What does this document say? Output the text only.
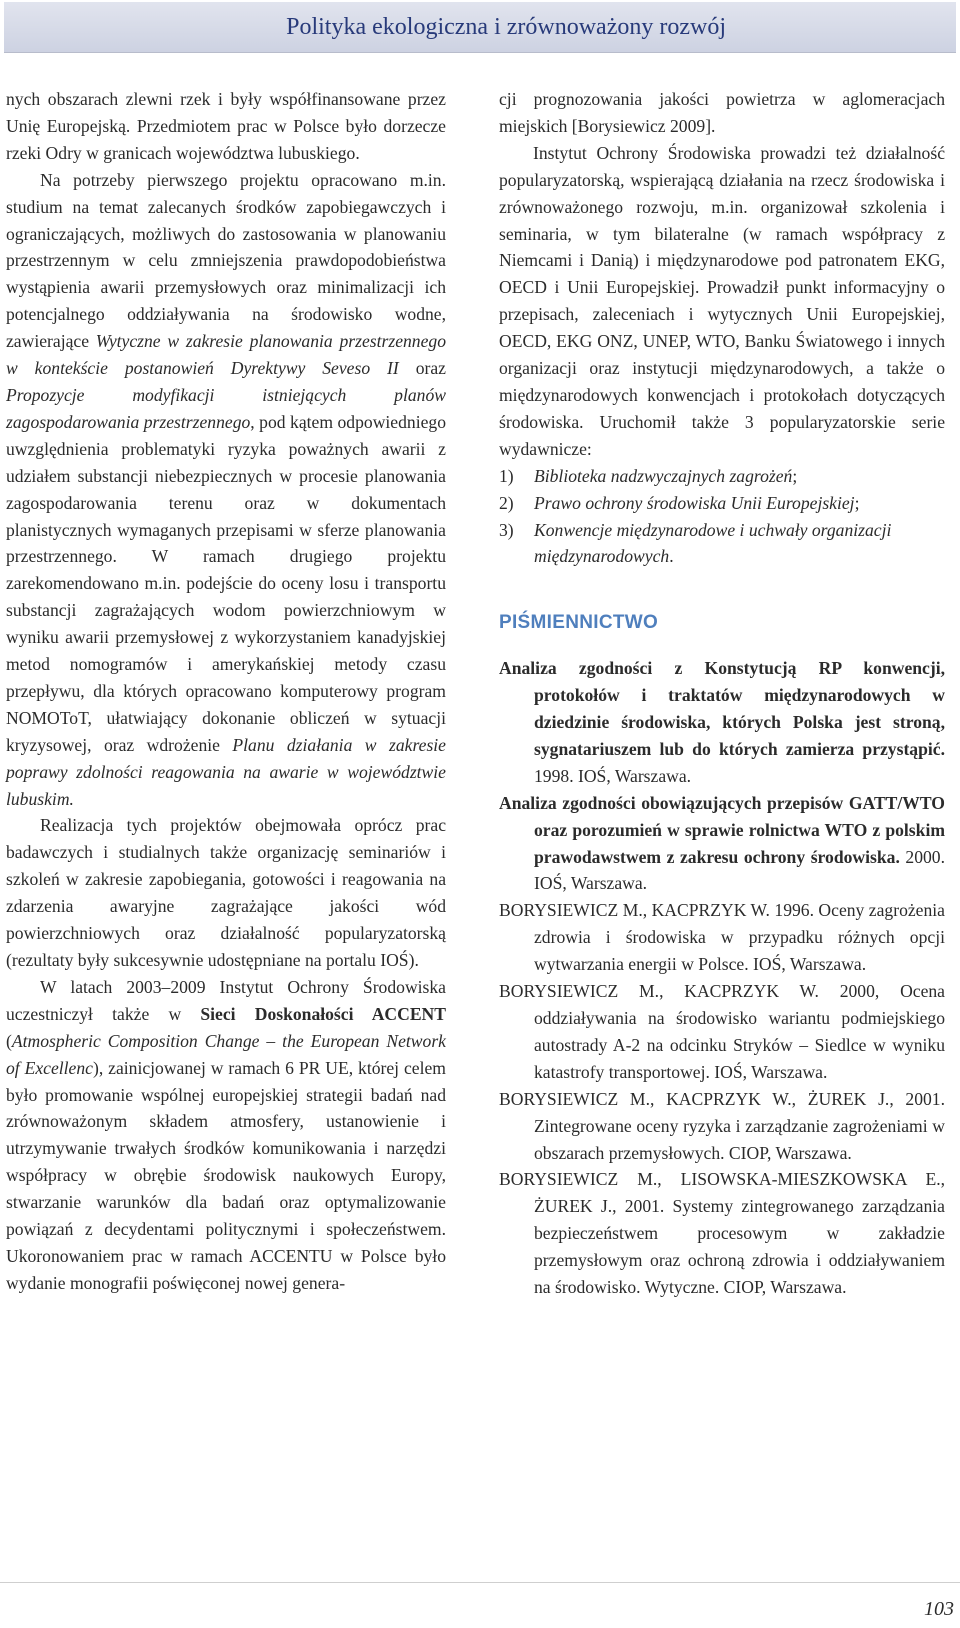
Polityka ekologiczna i zrównoważony rozwój

nych obszarach zlewni rzek i były współfinansowane przez Unię Europejską. Przedmiotem prac w Polsce było dorzecze rzeki Odry w granicach województwa lubuskiego.

Na potrzeby pierwszego projektu opracowano m.in. studium na temat zalecanych środków zapobiegawczych i ograniczających, możliwych do zastosowania w planowaniu przestrzennym w celu zmniejszenia prawdopodobieństwa wystąpienia awarii przemysłowych oraz minimalizacji ich potencjalnego oddziaływania na środowisko wodne, zawierające Wytyczne w zakresie planowania przestrzennego w kontekście postanowień Dyrektywy Seveso II oraz Propozycje modyfikacji istniejących planów zagospodarowania przestrzennego, pod kątem odpowiedniego uwzględnienia problematyki ryzyka poważnych awarii z udziałem substancji niebezpiecznych w procesie planowania zagospodarowania terenu oraz w dokumentach planistycznych wymaganych przepisami w sferze planowania przestrzennego. W ramach drugiego projektu zarekomendowano m.in. podejście do oceny losu i transportu substancji zagrażających wodom powierzchniowym w wyniku awarii przemysłowej z wykorzystaniem kanadyjskiej metod nomogramów i amerykańskiej metody czasu przepływu, dla których opracowano komputerowy program NOMOToT, ułatwiający dokonanie obliczeń w sytuacji kryzysowej, oraz wdrożenie Planu działania w zakresie poprawy zdolności reagowania na awarie w województwie lubuskim.

Realizacja tych projektów obejmowała oprócz prac badawczych i studialnych także organizację seminariów i szkoleń w zakresie zapobiegania, gotowości i reagowania na zdarzenia awaryjne zagrażające jakości wód powierzchniowych oraz działalność popularyzatorską (rezultaty były sukcesywnie udostępniane na portalu IOŚ).

W latach 2003–2009 Instytut Ochrony Środowiska uczestniczył także w Sieci Doskonałości ACCENT (Atmospheric Composition Change – the European Network of Excellenc), zainicjowanej w ramach 6 PR UE, której celem było promowanie wspólnej europejskiej strategii badań nad zrównoważonym składem atmosfery, ustanowienie i utrzymywanie trwałych środków komunikowania i narzędzi współpracy w obrębie środowisk naukowych Europy, stwarzanie warunków dla badań oraz optymalizowanie powiązań z decydentami politycznymi i społeczeństwem. Ukoronowaniem prac w ramach ACCENTU w Polsce było wydanie monografii poświęconej nowej genera-

cji prognozowania jakości powietrza w aglomeracjach miejskich [Borysiewicz 2009].

Instytut Ochrony Środowiska prowadzi też działalność popularyzatorską, wspierającą działania na rzecz środowiska i zrównoważonego rozwoju, m.in. organizował szkolenia i seminaria, w tym bilateralne (w ramach współpracy z Niemcami i Danią) i międzynarodowe pod patronatem EKG, OECD i Unii Europejskiej. Prowadził punkt informacyjny o przepisach, zaleceniach i wytycznych Unii Europejskiej, OECD, EKG ONZ, UNEP, WTO, Banku Światowego i innych organizacji oraz instytucji międzynarodowych, a także o międzynarodowych konwencjach i protokołach dotyczących środowiska. Uruchomił także 3 popularyzatorskie serie wydawnicze:

1) Biblioteka nadzwyczajnych zagrożeń;
2) Prawo ochrony środowiska Unii Europejskiej;
3) Konwencje międzynarodowe i uchwały organizacji międzynarodowych.
PIŚMIENNICTWO

Analiza zgodności z Konstytucją RP konwencji, protokołów i traktatów międzynarodowych w dziedzinie środowiska, których Polska jest stroną, sygnatariuszem lub do których zamierza przystąpić. 1998. IOŚ, Warszawa.

Analiza zgodności obowiązujących przepisów GATT/WTO oraz porozumień w sprawie rolnictwa WTO z polskim prawodawstwem z zakresu ochrony środowiska. 2000. IOŚ, Warszawa.

BORYSIEWICZ M., KACPRZYK W. 1996. Oceny zagrożenia zdrowia i środowiska w przypadku różnych opcji wytwarzania energii w Polsce. IOŚ, Warszawa.

BORYSIEWICZ M., KACPRZYK W. 2000, Ocena oddziaływania na środowisko wariantu podmiejskiego autostrady A-2 na odcinku Stryków – Siedlce w wyniku katastrofy transportowej. IOŚ, Warszawa.

BORYSIEWICZ M., KACPRZYK W., ŻUREK J., 2001. Zintegrowane oceny ryzyka i zarządzanie zagrożeniami w obszarach przemysłowych. CIOP, Warszawa.

BORYSIEWICZ M., LISOWSKA-MIESZKOWSKA E., ŻUREK J., 2001. Systemy zintegrowanego zarządzania bezpieczeństwem procesowym w zakładzie przemysłowym oraz ochroną zdrowia i oddziaływaniem na środowisko. Wytyczne. CIOP, Warszawa.

103
